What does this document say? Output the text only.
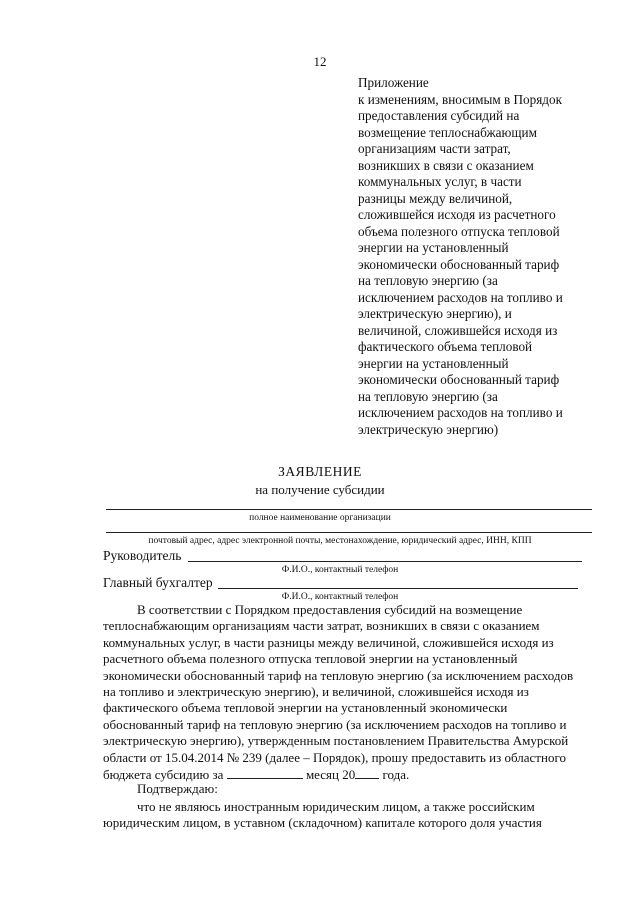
12
Приложение
к изменениям, вносимым в Порядок
предоставления субсидий на
возмещение теплоснабжающим
организациям части затрат,
возникших в связи с оказанием
коммунальных услуг, в части
разницы между величиной,
сложившейся исходя из расчетного
объема полезного отпуска тепловой
энергии на установленный
экономически обоснованный тариф
на тепловую энергию (за
исключением расходов на топливо и
электрическую энергию), и
величиной, сложившейся исходя из
фактического объема тепловой
энергии на установленный
экономически обоснованный тариф
на тепловую энергию (за
исключением расходов на топливо и
электрическую энергию)
ЗАЯВЛЕНИЕ
на получение субсидии
полное наименование организации
почтовый адрес, адрес электронной почты, местонахождение, юридический адрес, ИНН, КПП
Руководитель
Ф.И.О., контактный телефон
Главный бухгалтер
Ф.И.О., контактный телефон
В соответствии с Порядком предоставления субсидий на возмещение
теплоснабжающим организациям части затрат, возникших в связи с оказанием
коммунальных услуг, в части разницы между величиной, сложившейся исходя из
расчетного объема полезного отпуска тепловой энергии на установленный
экономически обоснованный тариф на тепловую энергию (за исключением расходов
на топливо и электрическую энергию), и величиной, сложившейся исходя из
фактического объема тепловой энергии на установленный экономически
обоснованный тариф на тепловую энергию (за исключением расходов на топливо и
электрическую энергию), утвержденным постановлением Правительства Амурской
области от 15.04.2014 № 239 (далее – Порядок), прошу предоставить из областного
бюджета субсидию за	месяц 20 года.
Подтверждаю:
что не являюсь иностранным юридическим лицом, а также российским
юридическим лицом, в уставном (складочном) капитале которого доля участия
